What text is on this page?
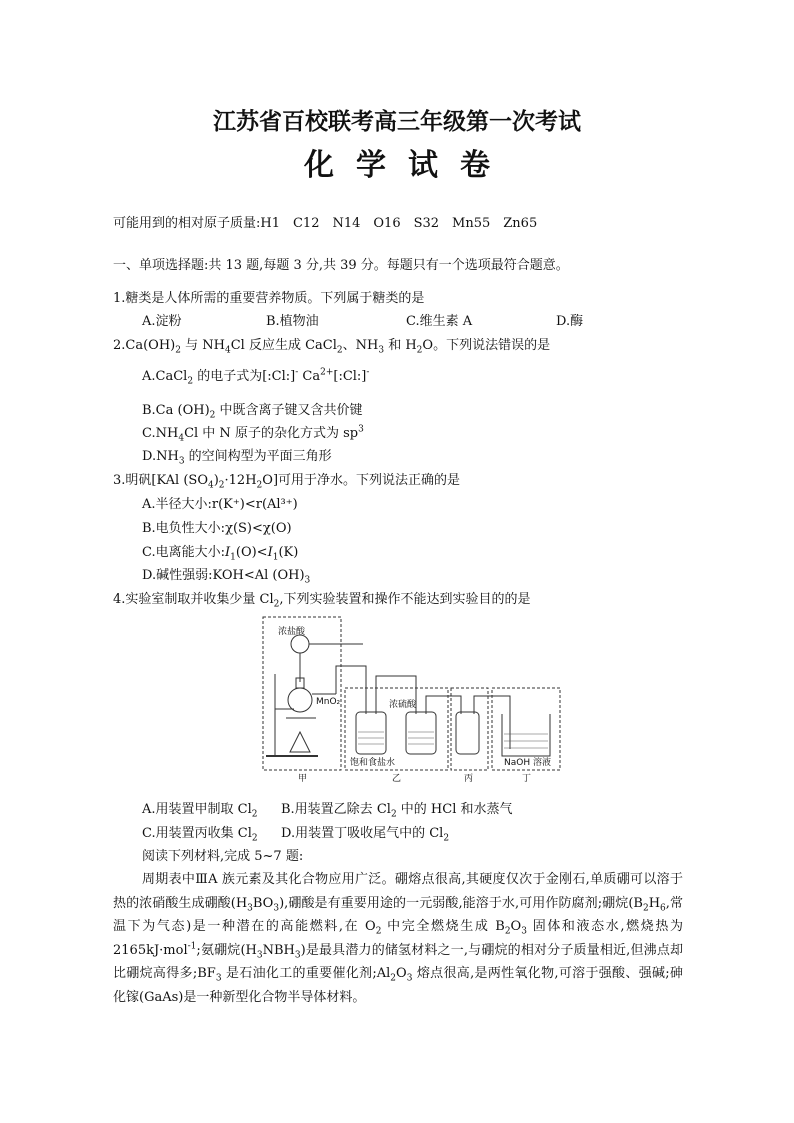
江苏省百校联考高三年级第一次考试
化学试卷
可能用到的相对原子质量:H1　C12　N14　O16　S32　Mn55　Zn65
一、单项选择题:共 13 题,每题 3 分,共 39 分。每题只有一个选项最符合题意。
1.糖类是人体所需的重要营养物质。下列属于糖类的是
A.淀粉	B.植物油	C.维生素 A	D.酶
$2.Ca(OH)_2$ 与 $NH_4Cl$ 反应生成 CaCl$_2$、$NH_3$ 和 $H_2O$。下列说法错误的是
A.CaCl$_2$ 的电子式为[:Cl:]- $Ca^{2+}[:Cl:]^-$
B.Ca $(OH)_2$ 中既含离子键又含共价键
$C.NH_4Cl$ 中 N 原子的杂化方式为 $sp^3$
$D.NH_3$ 的空间构型为平面三角形
3.明矾[KAl $(SO_4)_2\cdot 12H_2O$]可用于净水。下列说法正确的是
A.半径大小:r(K⁺)<r(Al³⁺)
B.电负性大小:χ(S)<χ(O)
C.电离能大小$:I_1(O)<I_1(K)$
D.碱性强弱:KOH<Al $(OH)_3$
4.实验室制取并收集少量 $Cl_2$,下列实验装置和操作不能达到实验目的的是
浓盐酸
MnO₂	浓硫酸
饱和食盐水	NaOH 溶液
甲	乙	丙	丁
A.用装置甲制取 $Cl_2$ B.用装置乙除去 $Cl_2$ 中的 HCl 和水蒸气
C.用装置丙收集 $Cl_2$ D.用装置丁吸收尾气中的 $Cl_2$
阅读下列材料,完成 5~7 题:
周期表中ⅢA 族元素及其化合物应用广泛。硼熔点很高,其硬度仅次于金刚石,单质硼可以溶于热的浓硝酸生成硼酸$(H_3BO_3)$,硼酸是有重要用途的一元弱酸,能溶于水,可用作防腐剂;硼烷($B_2H_6$,常温下为气态)是一种潜在的高能燃料,在 $O_2$ 中完全燃烧生成 $B_2O_3$ 固体和液态水,燃烧热为 2165kJ·mol$^{-1}$;氨硼烷$(H_3NBH_3)$是最具潜力的储氢材料之一,与硼烷的相对分子质量相近,但沸点却比硼烷高得多$;BF_3$ 是石油化工的重要催化剂$;Al_2O_3$ 熔点很高,是两性氧化物,可溶于强酸、强碱;砷化镓(GaAs)是一种新型化合物半导体材料。
